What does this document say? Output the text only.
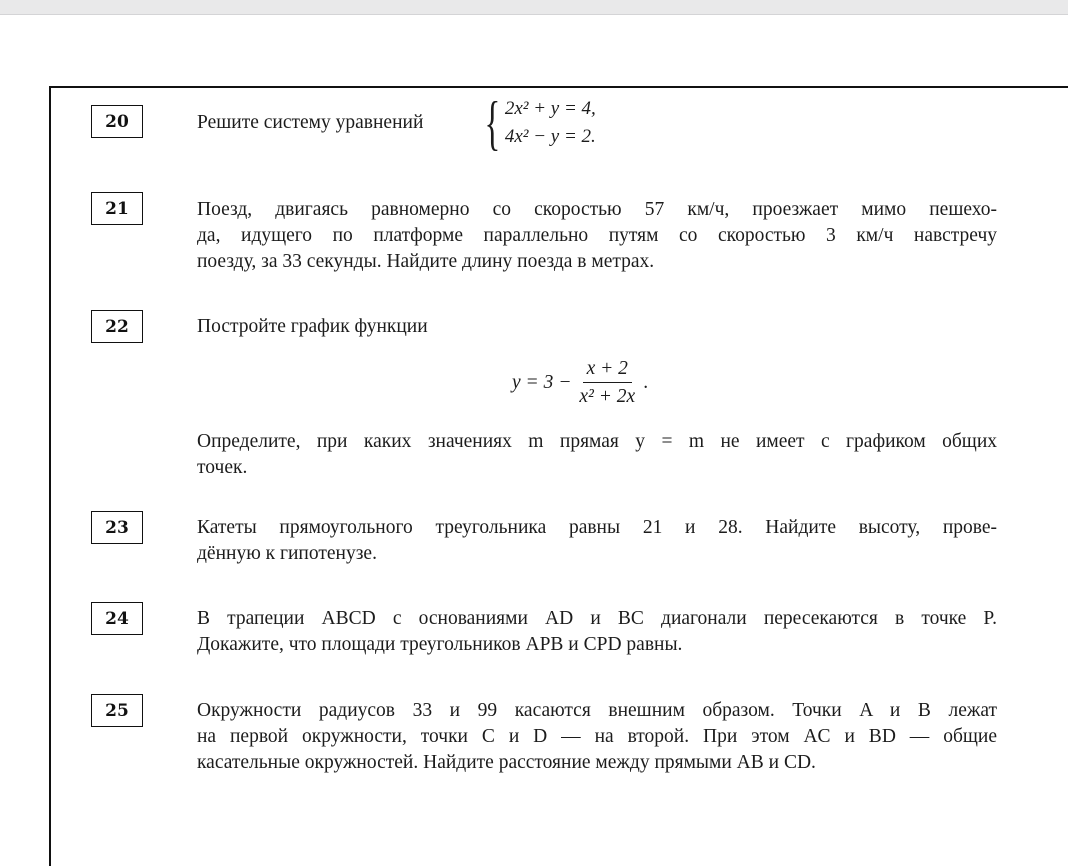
20	Решите систему уравнений	{ 2x² + y = 4,
4x² − y = 2.
21	Поезд, двигаясь равномерно со скоростью 57 км/ч, проезжает мимо пешехо-
да, идущего по платформе параллельно путям со скоростью 3 км/ч навстречу
поезду, за 33 секунды. Найдите длину поезда в метрах.
22	Постройте график функции
$y = 3 - \frac{x + 2}{\text{x² + 2x}}$ .
Определите, при каких значениях m прямая y = m не имеет с графиком общих
точек.
23	Катеты прямоугольного треугольника равны 21 и 28. Найдите высоту, прове-
дённую к гипотенузе.
24	В трапеции ABCD с основаниями AD и BC диагонали пересекаются в точке P.
Докажите, что площади треугольников APB и CPD равны.
25	Окружности радиусов 33 и 99 касаются внешним образом. Точки A и B лежат
на первой окружности, точки C и D — на второй. При этом AC и BD — общие
касательные окружностей. Найдите расстояние между прямыми AB и CD.
